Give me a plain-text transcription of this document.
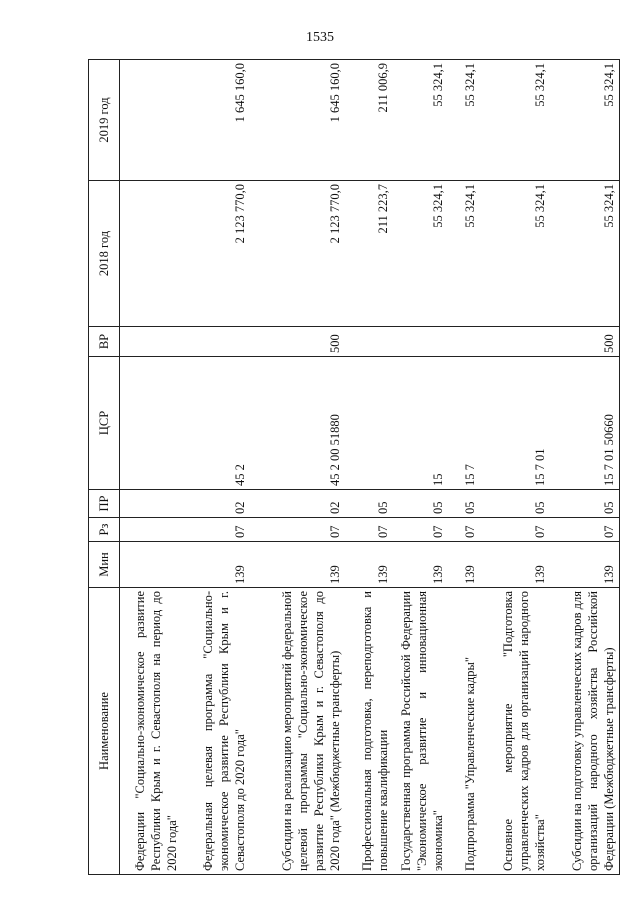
1535
Наименование	Мин	Рз	ПР	ЦСР	ВР	2018 год	2019 год
Федерации "Социально-экономическое развитие Республики Крым и г. Севастополя на период до 2020 года"							
Федеральная целевая программа "Социально-экономическое развитие Республики Крым и г. Севастополя до 2020 года"	139	07	02	45 2		2 123 770,0	1 645 160,0
Субсидии на реализацию мероприятий федеральной целевой программы "Социально-экономическое развитие Республики Крым и г. Севастополя до 2020 года" (Межбюджетные трансферты)	139	07	02	45 2 00 51880	500	2 123 770,0	1 645 160,0
Профессиональная подготовка, переподготовка и повышение квалификации	139	07	05			211 223,7	211 006,9
Государственная программа Российской Федерации "Экономическое развитие и инновационная экономика"	139	07	05	15		55 324,1	55 324,1
Подпрограмма "Управленческие кадры"	139	07	05	15 7		55 324,1	55 324,1
Основное мероприятие "Подготовка управленческих кадров для организаций народного хозяйства"	139	07	05	15 7 01		55 324,1	55 324,1
Субсидии на подготовку управленческих кадров для организаций народного хозяйства Российской Федерации (Межбюджетные трансферты)	139	07	05	15 7 01 50660	500	55 324,1	55 324,1
